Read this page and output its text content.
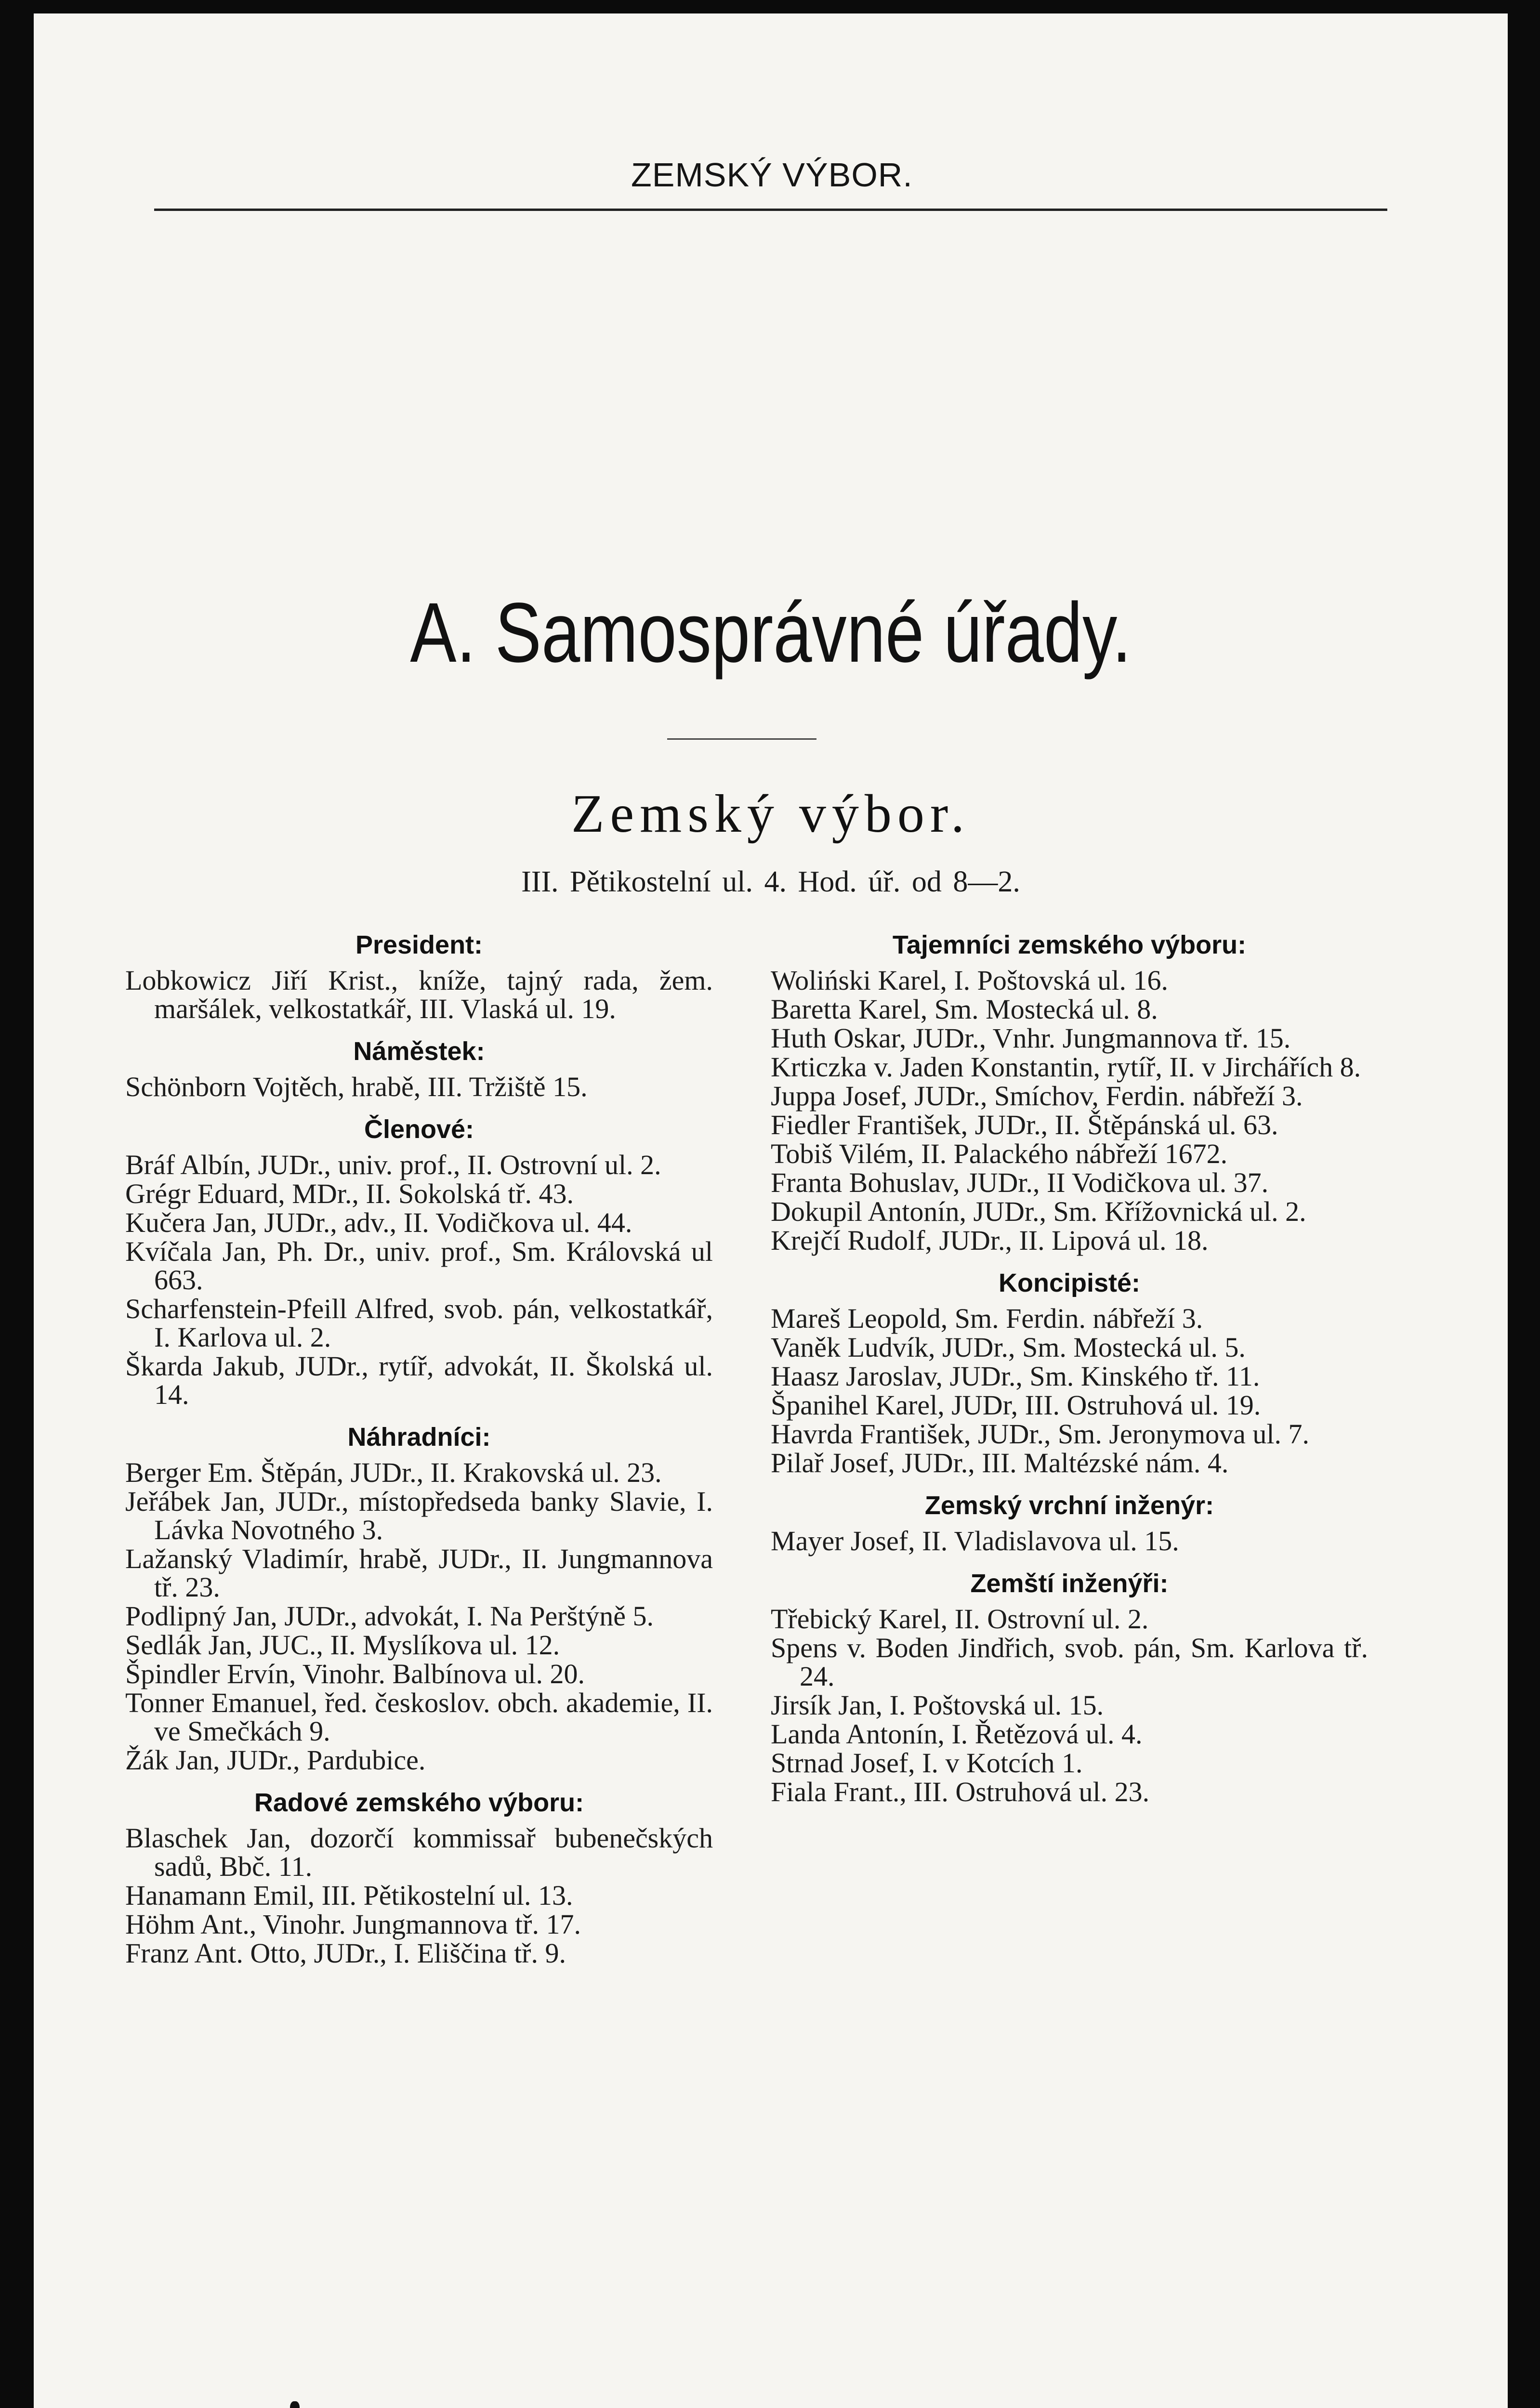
ZEMSKÝ VÝBOR.
A. Samosprávné úřady.
Zemský výbor.
III. Pětikostelní ul. 4. Hod. úř. od 8—2.
President:
Lobkowicz Jiří Krist., kníže, tajný rada, žem. maršálek, velkostatkář, III. Vlaská ul. 19.
Náměstek:
Schönborn Vojtěch, hrabě, III. Tržiště 15.
Členové:
Bráf Albín, JUDr., univ. prof., II. Ostrovní ul. 2.
Grégr Eduard, MDr., II. Sokolská tř. 43.
Kučera Jan, JUDr., adv., II. Vodičkova ul. 44.
Kvíčala Jan, Ph. Dr., univ. prof., Sm. Královská ul 663.
Scharfenstein-Pfeill Alfred, svob. pán, velkostatkář, I. Karlova ul. 2.
Škarda Jakub, JUDr., rytíř, advokát, II. Školská ul. 14.
Náhradníci:
Berger Em. Štěpán, JUDr., II. Krakovská ul. 23.
Jeřábek Jan, JUDr., místopředseda banky Slavie, I. Lávka Novotného 3.
Lažanský Vladimír, hrabě, JUDr., II. Jungmannova tř. 23.
Podlipný Jan, JUDr., advokát, I. Na Perštýně 5.
Sedlák Jan, JUC., II. Myslíkova ul. 12.
Špindler Ervín, Vinohr. Balbínova ul. 20.
Tonner Emanuel, řed. českoslov. obch. akademie, II. ve Smečkách 9.
Žák Jan, JUDr., Pardubice.
Radové zemského výboru:
Blaschek Jan, dozorčí kommissař bubenečských sadů, Bbč. 11.
Hanamann Emil, III. Pětikostelní ul. 13.
Höhm Ant., Vinohr. Jungmannova tř. 17.
Franz Ant. Otto, JUDr., I. Eliščina tř. 9.
Tajemníci zemského výboru:
Woliński Karel, I. Poštovská ul. 16.
Baretta Karel, Sm. Mostecká ul. 8.
Huth Oskar, JUDr., Vnhr. Jungmannova tř. 15.
Krticzka v. Jaden Konstantin, rytíř, II. v Jirchářích 8.
Juppa Josef, JUDr., Smíchov, Ferdin. nábřeží 3.
Fiedler František, JUDr., II. Štěpánská ul. 63.
Tobiš Vilém, II. Palackého nábřeží 1672.
Franta Bohuslav, JUDr., II Vodičkova ul. 37.
Dokupil Antonín, JUDr., Sm. Křížovnická ul. 2.
Krejčí Rudolf, JUDr., II. Lipová ul. 18.
Koncipisté:
Mareš Leopold, Sm. Ferdin. nábřeží 3.
Vaněk Ludvík, JUDr., Sm. Mostecká ul. 5.
Haasz Jaroslav, JUDr., Sm. Kinského tř. 11.
Španihel Karel, JUDr, III. Ostruhová ul. 19.
Havrda František, JUDr., Sm. Jeronymova ul. 7.
Pilař Josef, JUDr., III. Maltézské nám. 4.
Zemský vrchní inženýr:
Mayer Josef, II. Vladislavova ul. 15.
Zemští inženýři:
Třebický Karel, II. Ostrovní ul. 2.
Spens v. Boden Jindřich, svob. pán, Sm. Karlova tř. 24.
Jirsík Jan, I. Poštovská ul. 15.
Landa Antonín, I. Řetězová ul. 4.
Strnad Josef, I. v Kotcích 1.
Fiala Frant., III. Ostruhová ul. 23.
